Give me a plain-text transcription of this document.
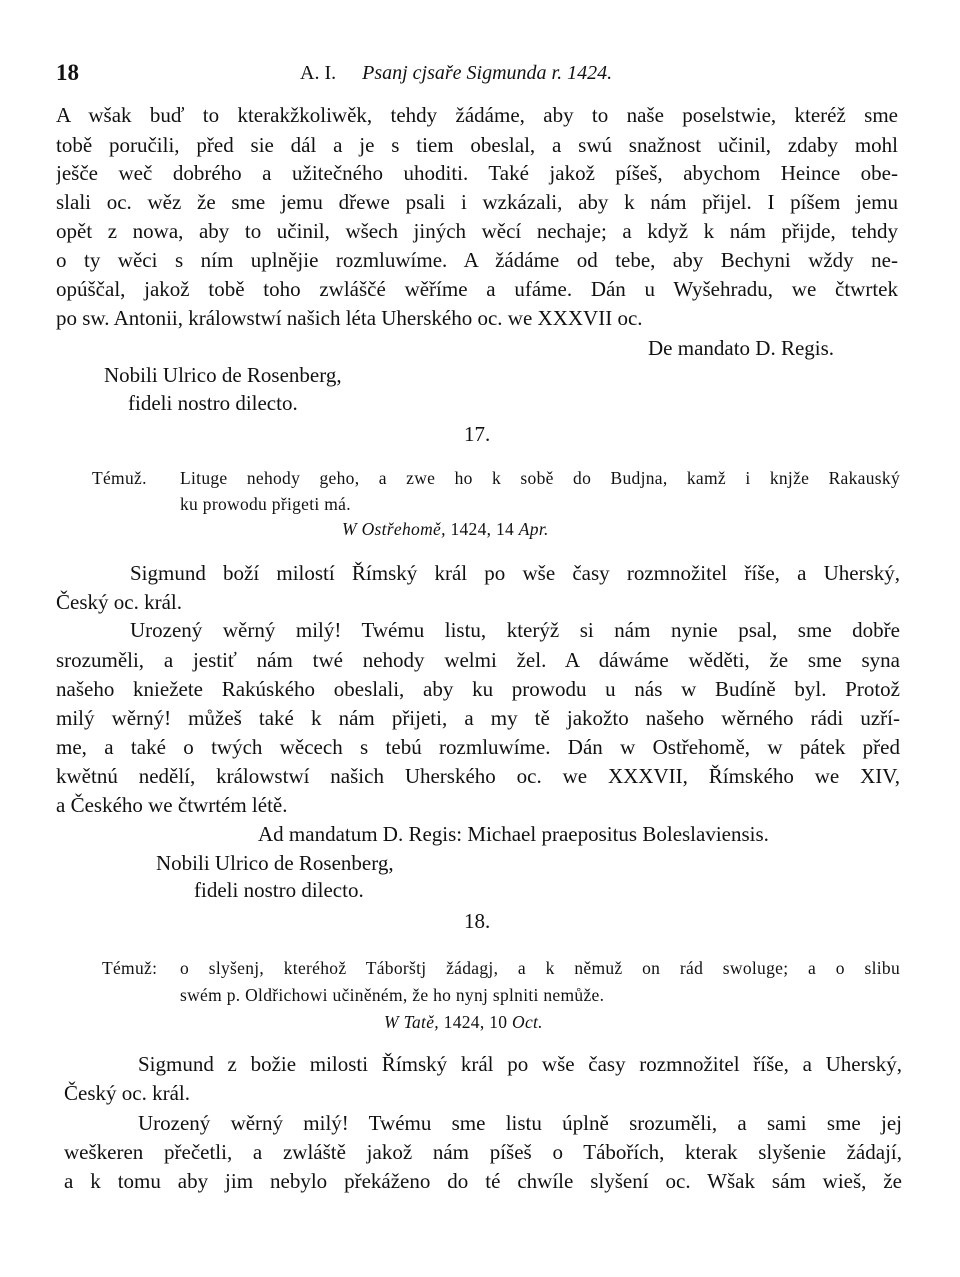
18	A. I. Psanj cjsaře Sigmunda r. 1424.
A wšak buď to kterakžkoliwěk, tehdy žádáme, aby to naše poselstwie, kteréž sme
tobě poručili, před sie dál a je s tiem obeslal, a swú snažnost učinil, zdaby mohl
ješče weč dobrého a užitečného uhoditi. Také jakož píšeš, abychom Heince obe-
slali oc. wěz že sme jemu dřewe psali i wzkázali, aby k nám přijel. I píšem jemu
opět z nowa, aby to učinil, wšech jiných wěcí nechaje; a když k nám přijde, tehdy
o ty wěci s ním uplnějie rozmluwíme. A žádáme od tebe, aby Bechyni wždy ne-
opúščal, jakož tobě toho zwláščé wěříme a ufáme. Dán u Wyšehradu, we čtwrtek
po sw. Antonii, králowstwí našich léta Uherského oc. we XXXVII oc.
De mandato D. Regis.
Nobili Ulrico de Rosenberg,
fideli nostro dilecto.
17.
Témuž. Lituge nehody geho, a zwe ho k sobě do Budjna, kamž i knjže Rakauský
ku prowodu přigeti má.
W Ostřehomě, 1424, 14 Apr.
Sigmund boží milostí Římský král po wše časy rozmnožitel říše, a Uherský,
Český oc. král.
Urozený wěrný milý! Twému listu, kterýž si nám nynie psal, sme dobře
srozuměli, a jestiť nám twé nehody welmi žel. A dáwáme wěděti, že sme syna
našeho kniežete Rakúského obeslali, aby ku prowodu u nás w Budíně byl. Protož
milý wěrný! můžeš také k nám přijeti, a my tě jakožto našeho wěrného rádi uzří-
me, a také o twých wěcech s tebú rozmluwíme. Dán w Ostřehomě, w pátek před
kwětnú nedělí, králowstwí našich Uherského oc. we XXXVII, Římského we XIV,
a Českého we čtwrtém létě.
Ad mandatum D. Regis: Michael praepositus Boleslaviensis.
Nobili Ulrico de Rosenberg,
fideli nostro dilecto.
18.
Témuž: o slyšenj, kteréhož Táborštj žádagj, a k němuž on rád swoluge; a o slibu
swém p. Oldřichowi učiněném, že ho nynj splniti nemůže.
W Tatě, 1424, 10 Oct.
Sigmund z božie milosti Římský král po wše časy rozmnožitel říše, a Uherský,
Český oc. král.
Urozený wěrný milý! Twému sme listu úplně srozuměli, a sami sme jej
weškeren přečetli, a zwláště jakož nám píšeš o Tábořích, kterak slyšenie žádají,
a k tomu aby jim nebylo překáženo do té chwíle slyšení oc. Wšak sám wieš, že
